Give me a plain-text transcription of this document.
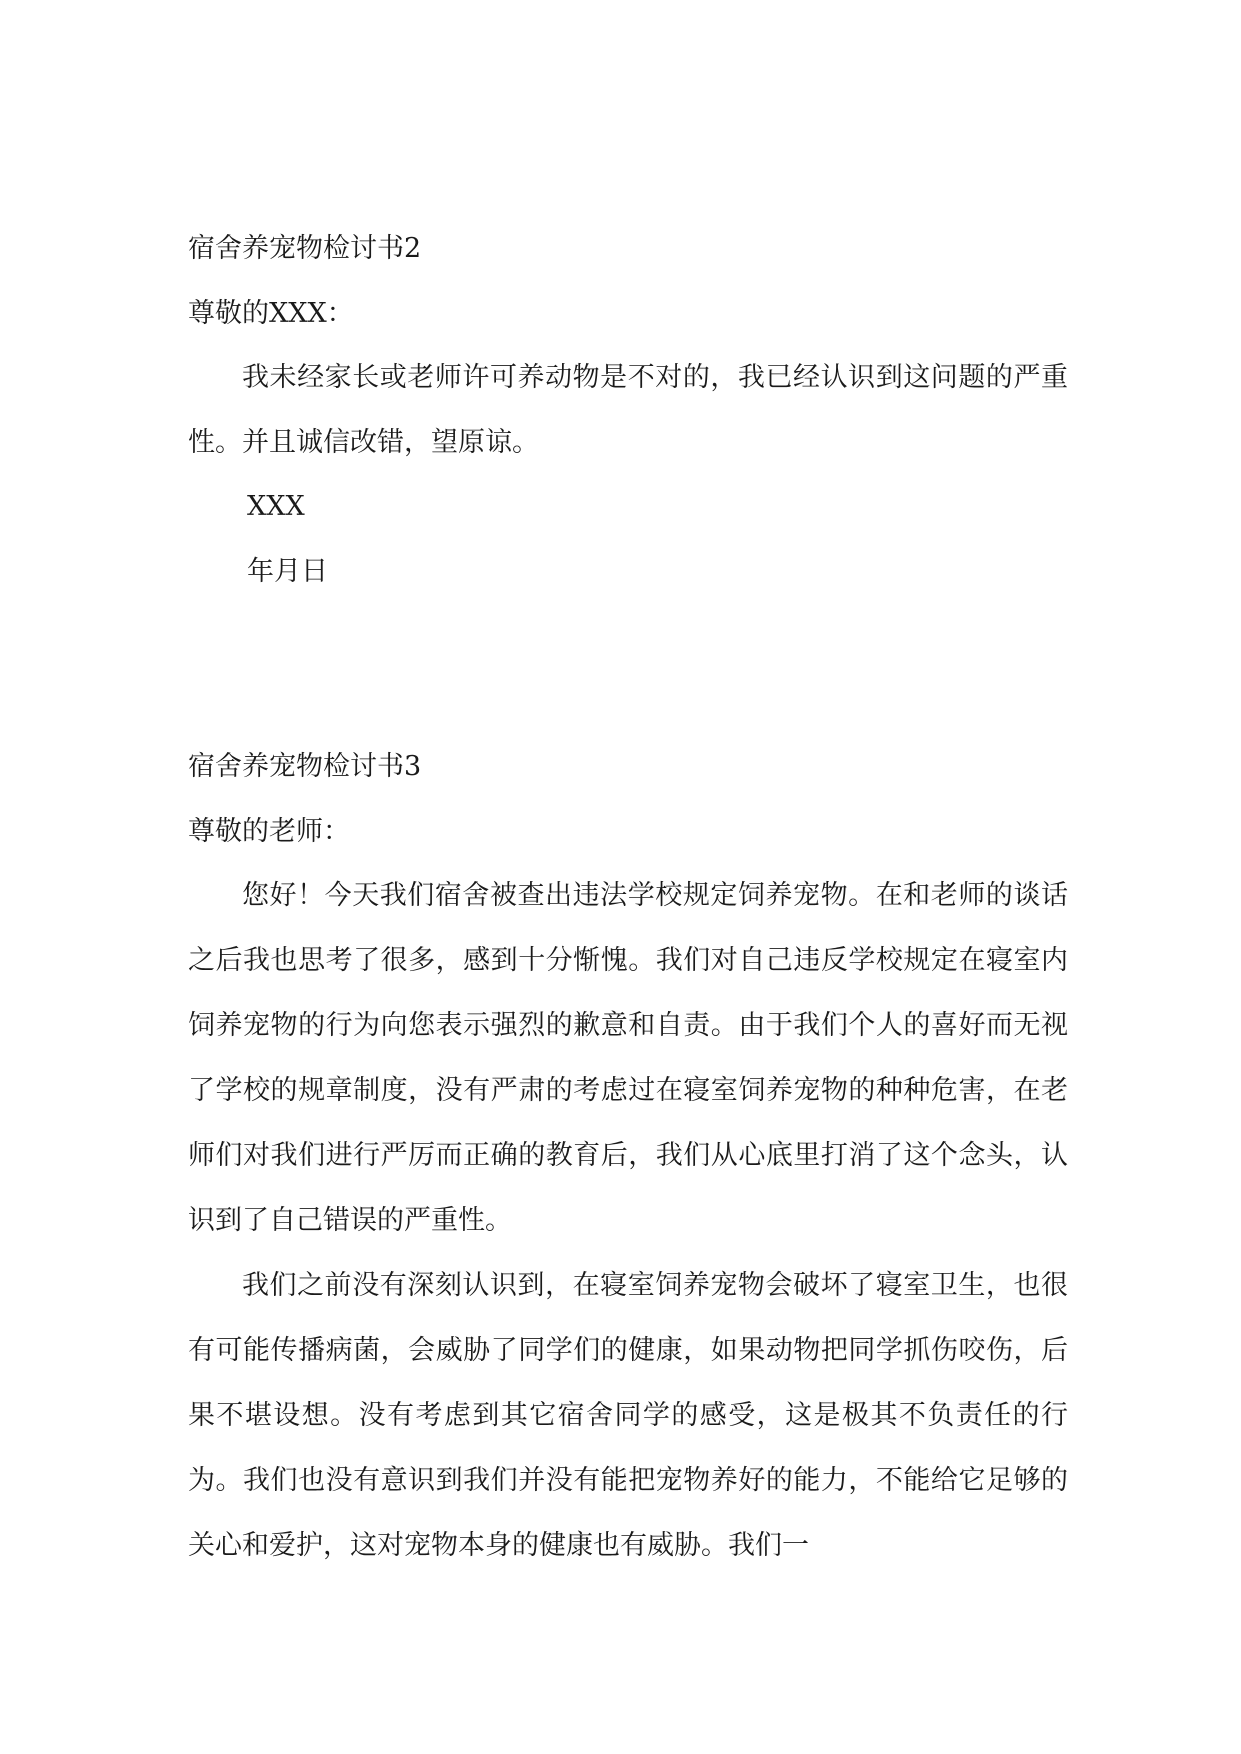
宿舍养宠物检讨书2
尊敬的XXX：

我未经家长或老师许可养动物是不对的，我已经认识到这问题的严重性。并且诚信改错，望原谅。

XXX
年月日
宿舍养宠物检讨书3
尊敬的老师：

您好！今天我们宿舍被查出违法学校规定饲养宠物。在和老师的谈话之后我也思考了很多，感到十分惭愧。我们对自己违反学校规定在寝室内饲养宠物的行为向您表示强烈的歉意和自责。由于我们个人的喜好而无视了学校的规章制度，没有严肃的考虑过在寝室饲养宠物的种种危害，在老师们对我们进行严厉而正确的教育后，我们从心底里打消了这个念头，认识到了自己错误的严重性。

我们之前没有深刻认识到，在寝室饲养宠物会破坏了寝室卫生，也很有可能传播病菌，会威胁了同学们的健康，如果动物把同学抓伤咬伤，后果不堪设想。没有考虑到其它宿舍同学的感受，这是极其不负责任的行为。我们也没有意识到我们并没有能把宠物养好的能力，不能给它足够的关心和爱护，这对宠物本身的健康也有威胁。我们一
